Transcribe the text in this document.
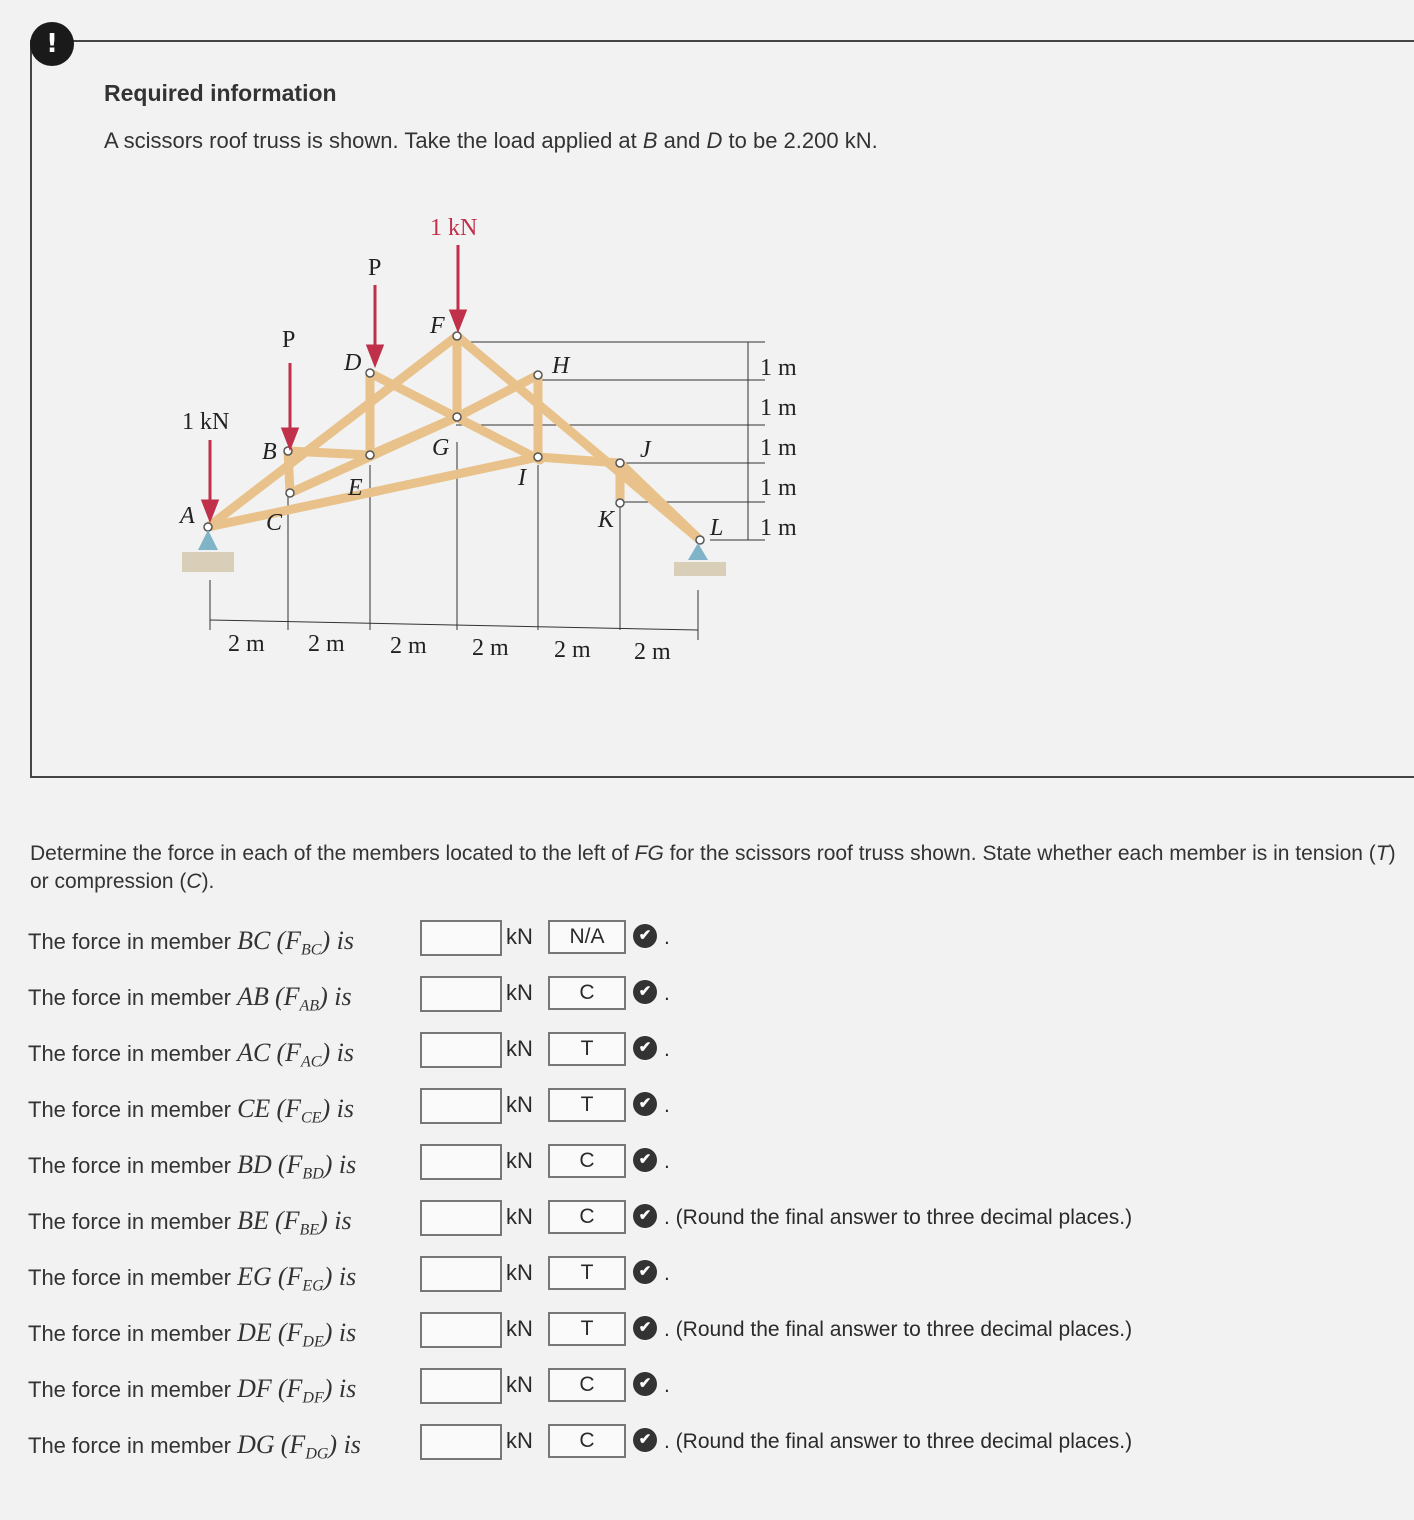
!
Required information
A scissors roof truss is shown. Take the load applied at B and D to be 2.200 kN.
1 kN
P
P
1 kN
A
B
C
D
E
F
G
H
I
J
K	L
2 m 2 m 2 m 2 m 2 m 2 m
1 m
1 m
1 m
1 m
1 m
Determine the force in each of the members located to the left of FG for the scissors roof truss shown. State whether each member is in tension (T) or compression (C).
The force in member BC $(F_{BC})$ is	kN	N/A	✔ .
The force in member AB $(F_{AB})$ is	kN	C	✔ .
The force in member AC $(F_{AC})$ is	kN	T	✔ .
The force in member CE $(F_{CE})$ is	kN	T	✔ .
The force in member BD $(F_{BD})$ is	kN	C	✔ .
The force in member BE $(F_{BE})$ is	kN	C	✔ . (Round the final answer to three decimal places.)
The force in member EG $(F_{EG})$ is	kN	T	✔ .
The force in member DE $(F_{DE})$ is	kN	T	✔ . (Round the final answer to three decimal places.)
The force in member DF $(F_{DF})$ is	kN	C	✔ .
The force in member DG $(F_{DG})$ is	kN	C	✔ . (Round the final answer to three decimal places.)
